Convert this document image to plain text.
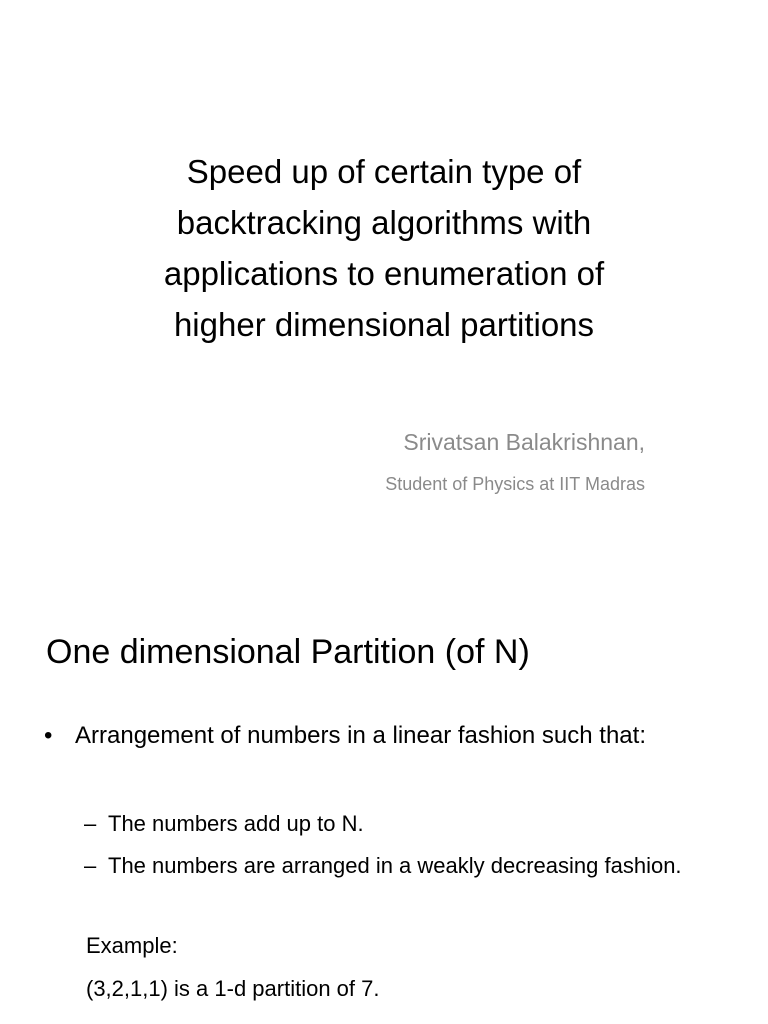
Speed up of certain type of
backtracking algorithms with
applications to enumeration of
higher dimensional partitions
Srivatsan Balakrishnan,
Student of Physics at IIT Madras
One dimensional Partition (of N)
• Arrangement of numbers in a linear fashion such that:
– The numbers add up to N.
– The numbers are arranged in a weakly decreasing fashion.
Example:
(3,2,1,1) is a 1-d partition of 7.
